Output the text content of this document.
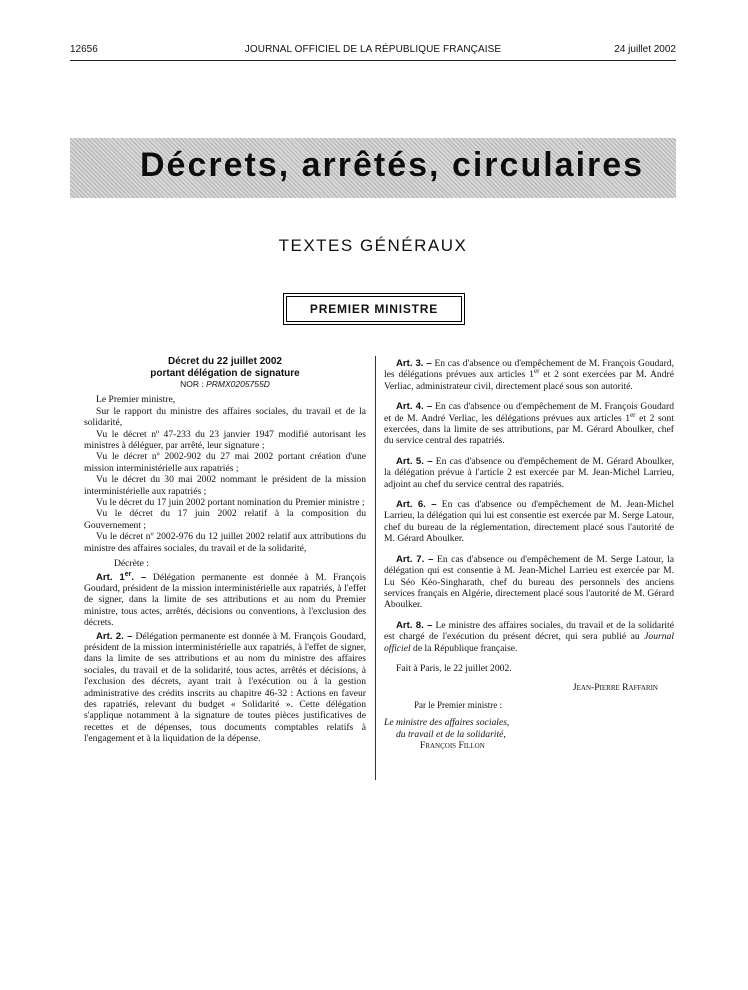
12656	JOURNAL OFFICIEL DE LA RÉPUBLIQUE FRANÇAISE	24 juillet 2002
Décrets, arrêtés, circulaires
TEXTES GÉNÉRAUX
PREMIER MINISTRE
Décret du 22 juillet 2002
portant délégation de signature
NOR : PRMX0205755D

Le Premier ministre,

Sur le rapport du ministre des affaires sociales, du travail et de la solidarité,

Vu le décret nº 47-233 du 23 janvier 1947 modifié autorisant les ministres à déléguer, par arrêté, leur signature ;

Vu le décret nº 2002-902 du 27 mai 2002 portant création d'une mission interministérielle aux rapatriés ;

Vu le décret du 30 mai 2002 nommant le président de la mission interministérielle aux rapatriés ;

Vu le décret du 17 juin 2002 portant nomination du Premier ministre ;

Vu le décret du 17 juin 2002 relatif à la composition du Gouvernement ;

Vu le décret nº 2002-976 du 12 juillet 2002 relatif aux attributions du ministre des affaires sociales, du travail et de la solidarité,

Décrète :

Art. 1er. – Délégation permanente est donnée à M. François Goudard, président de la mission interministérielle aux rapatriés, à l'effet de signer, dans la limite de ses attributions et au nom du Premier ministre, tous actes, arrêtés, décisions ou conventions, à l'exclusion des décrets.

Art. 2. – Délégation permanente est donnée à M. François Goudard, président de la mission interministérielle aux rapatriés, à l'effet de signer, dans la limite de ses attributions et au nom du ministre des affaires sociales, du travail et de la solidarité, tous actes, arrêtés et décisions, à l'exclusion des décrets, ayant trait à l'exécution ou à la gestion administrative des crédits inscrits au chapitre 46-32 : Actions en faveur des rapatriés, relevant du budget « Solidarité ». Cette délégation s'applique notamment à la signature de toutes pièces justificatives de recettes et de dépenses, tous documents comptables relatifs à l'engagement et à la liquidation de la dépense.

Art. 3. – En cas d'absence ou d'empêchement de M. François Goudard, les délégations prévues aux articles 1er et 2 sont exercées par M. André Verliac, administrateur civil, directement placé sous son autorité.

Art. 4. – En cas d'absence ou d'empêchement de M. François Goudard et de M. André Verliac, les délégations prévues aux articles 1er et 2 sont exercées, dans la limite de ses attributions, par M. Gérard Aboulker, chef du service central des rapatriés.

Art. 5. – En cas d'absence ou d'empêchement de M. Gérard Aboulker, la délégation prévue à l'article 2 est exercée par M. Jean-Michel Larrieu, adjoint au chef du service central des rapatriés.

Art. 6. – En cas d'absence ou d'empêchement de M. Jean-Michel Larrieu, la délégation qui lui est consentie est exercée par M. Serge Latour, chef du bureau de la réglementation, directement placé sous l'autorité de M. Gérard Aboulker.

Art. 7. – En cas d'absence ou d'empêchement de M. Serge Latour, la délégation qui est consentie à M. Jean-Michel Larrieu est exercée par M. Lu Séo Kéo-Singharath, chef du bureau des personnels des anciens services français en Algérie, directement placé sous l'autorité de M. Gérard Aboulker.

Art. 8. – Le ministre des affaires sociales, du travail et de la solidarité est chargé de l'exécution du présent décret, qui sera publié au Journal officiel de la République française.

Fait à Paris, le 22 juillet 2002.

Jean-Pierre Raffarin

Par le Premier ministre :

Le ministre des affaires sociales,

du travail et de la solidarité,

François Fillon
